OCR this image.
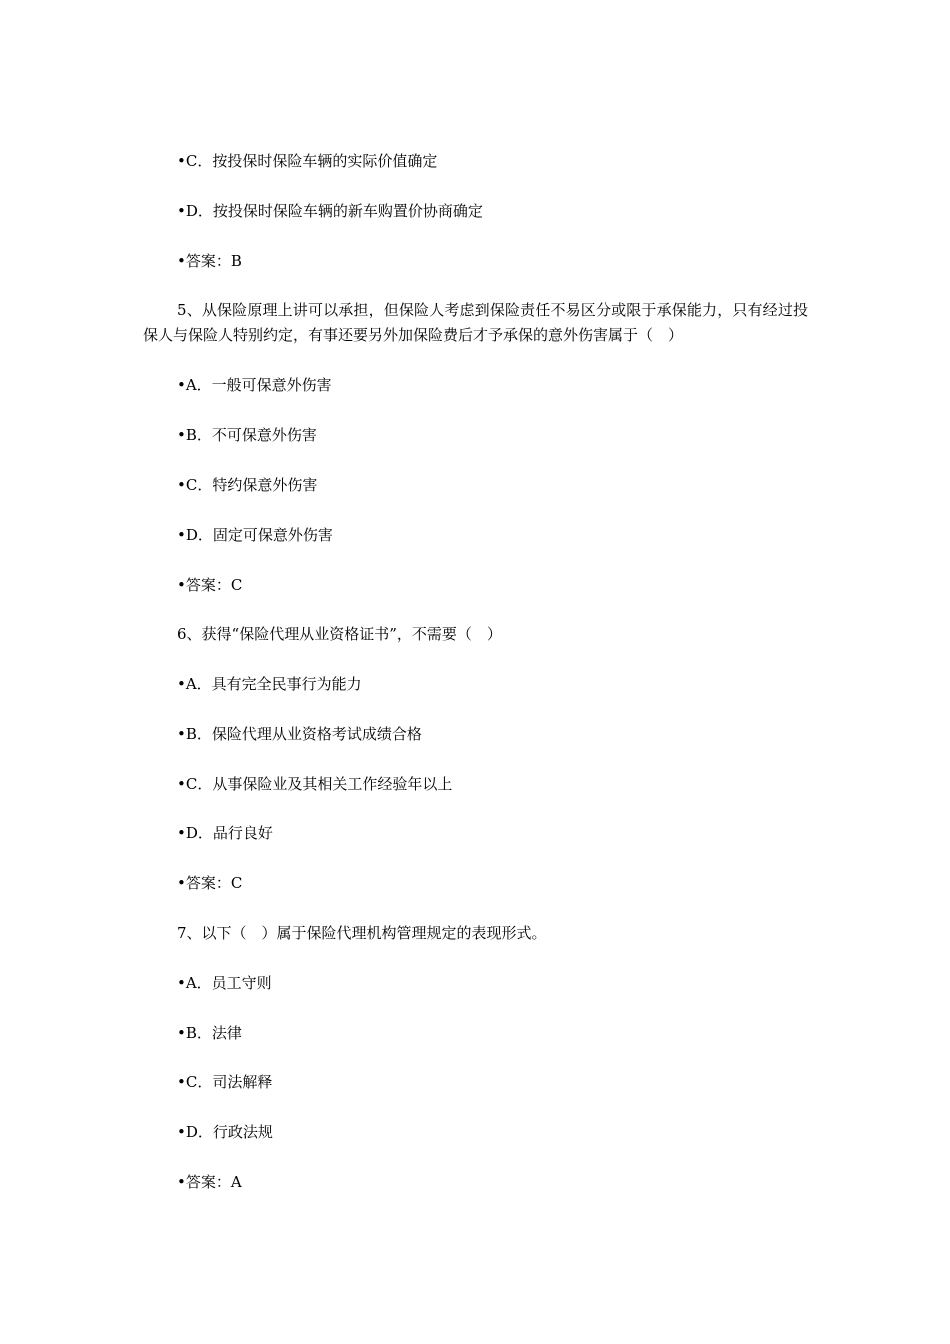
•C．按投保时保险车辆的实际价值确定
•D．按投保时保险车辆的新车购置价协商确定
•答案：B
5、从保险原理上讲可以承担，但保险人考虑到保险责任不易区分或限于承保能力，只有经过投保人与保险人特别约定，有事还要另外加保险费后才予承保的意外伤害属于（　）
•A．一般可保意外伤害
•B．不可保意外伤害
•C．特约保意外伤害
•D．固定可保意外伤害
•答案：C
6、获得“保险代理从业资格证书”，不需要（　）
•A．具有完全民事行为能力
•B．保险代理从业资格考试成绩合格
•C．从事保险业及其相关工作经验年以上
•D．品行良好
•答案：C
7、以下（　）属于保险代理机构管理规定的表现形式。
•A．员工守则
•B．法律
•C．司法解释
•D．行政法规
•答案：A
